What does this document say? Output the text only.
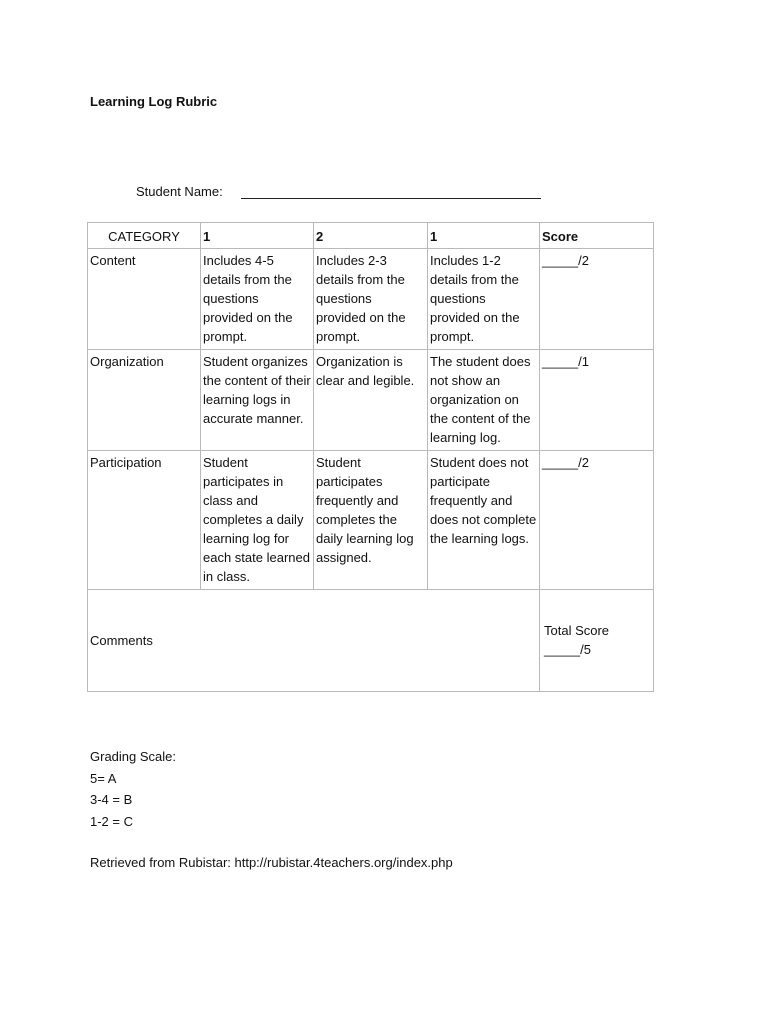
Learning Log Rubric
Student Name:
CATEGORY	1	2	1	Score
Content	Includes 4-5 details from the questions provided on the prompt.	Includes 2-3 details from the questions provided on the prompt.	Includes 1-2 details from the questions provided on the prompt.	_____/2
Organization	Student organizes the content of their learning logs in accurate manner.	Organization is clear and legible.	The student does not show an organization on the content of the learning log.	_____/1
Participation	Student participates in class and completes a daily learning log for each state learned in class.	Student participates frequently and completes the daily learning log assigned.	Student does not participate frequently and does not complete the learning logs.	_____/2
Comments				Total Score
_____/5
Grading Scale:
5= A
3-4 = B
1-2 = C
Retrieved from Rubistar: http://rubistar.4teachers.org/index.php
